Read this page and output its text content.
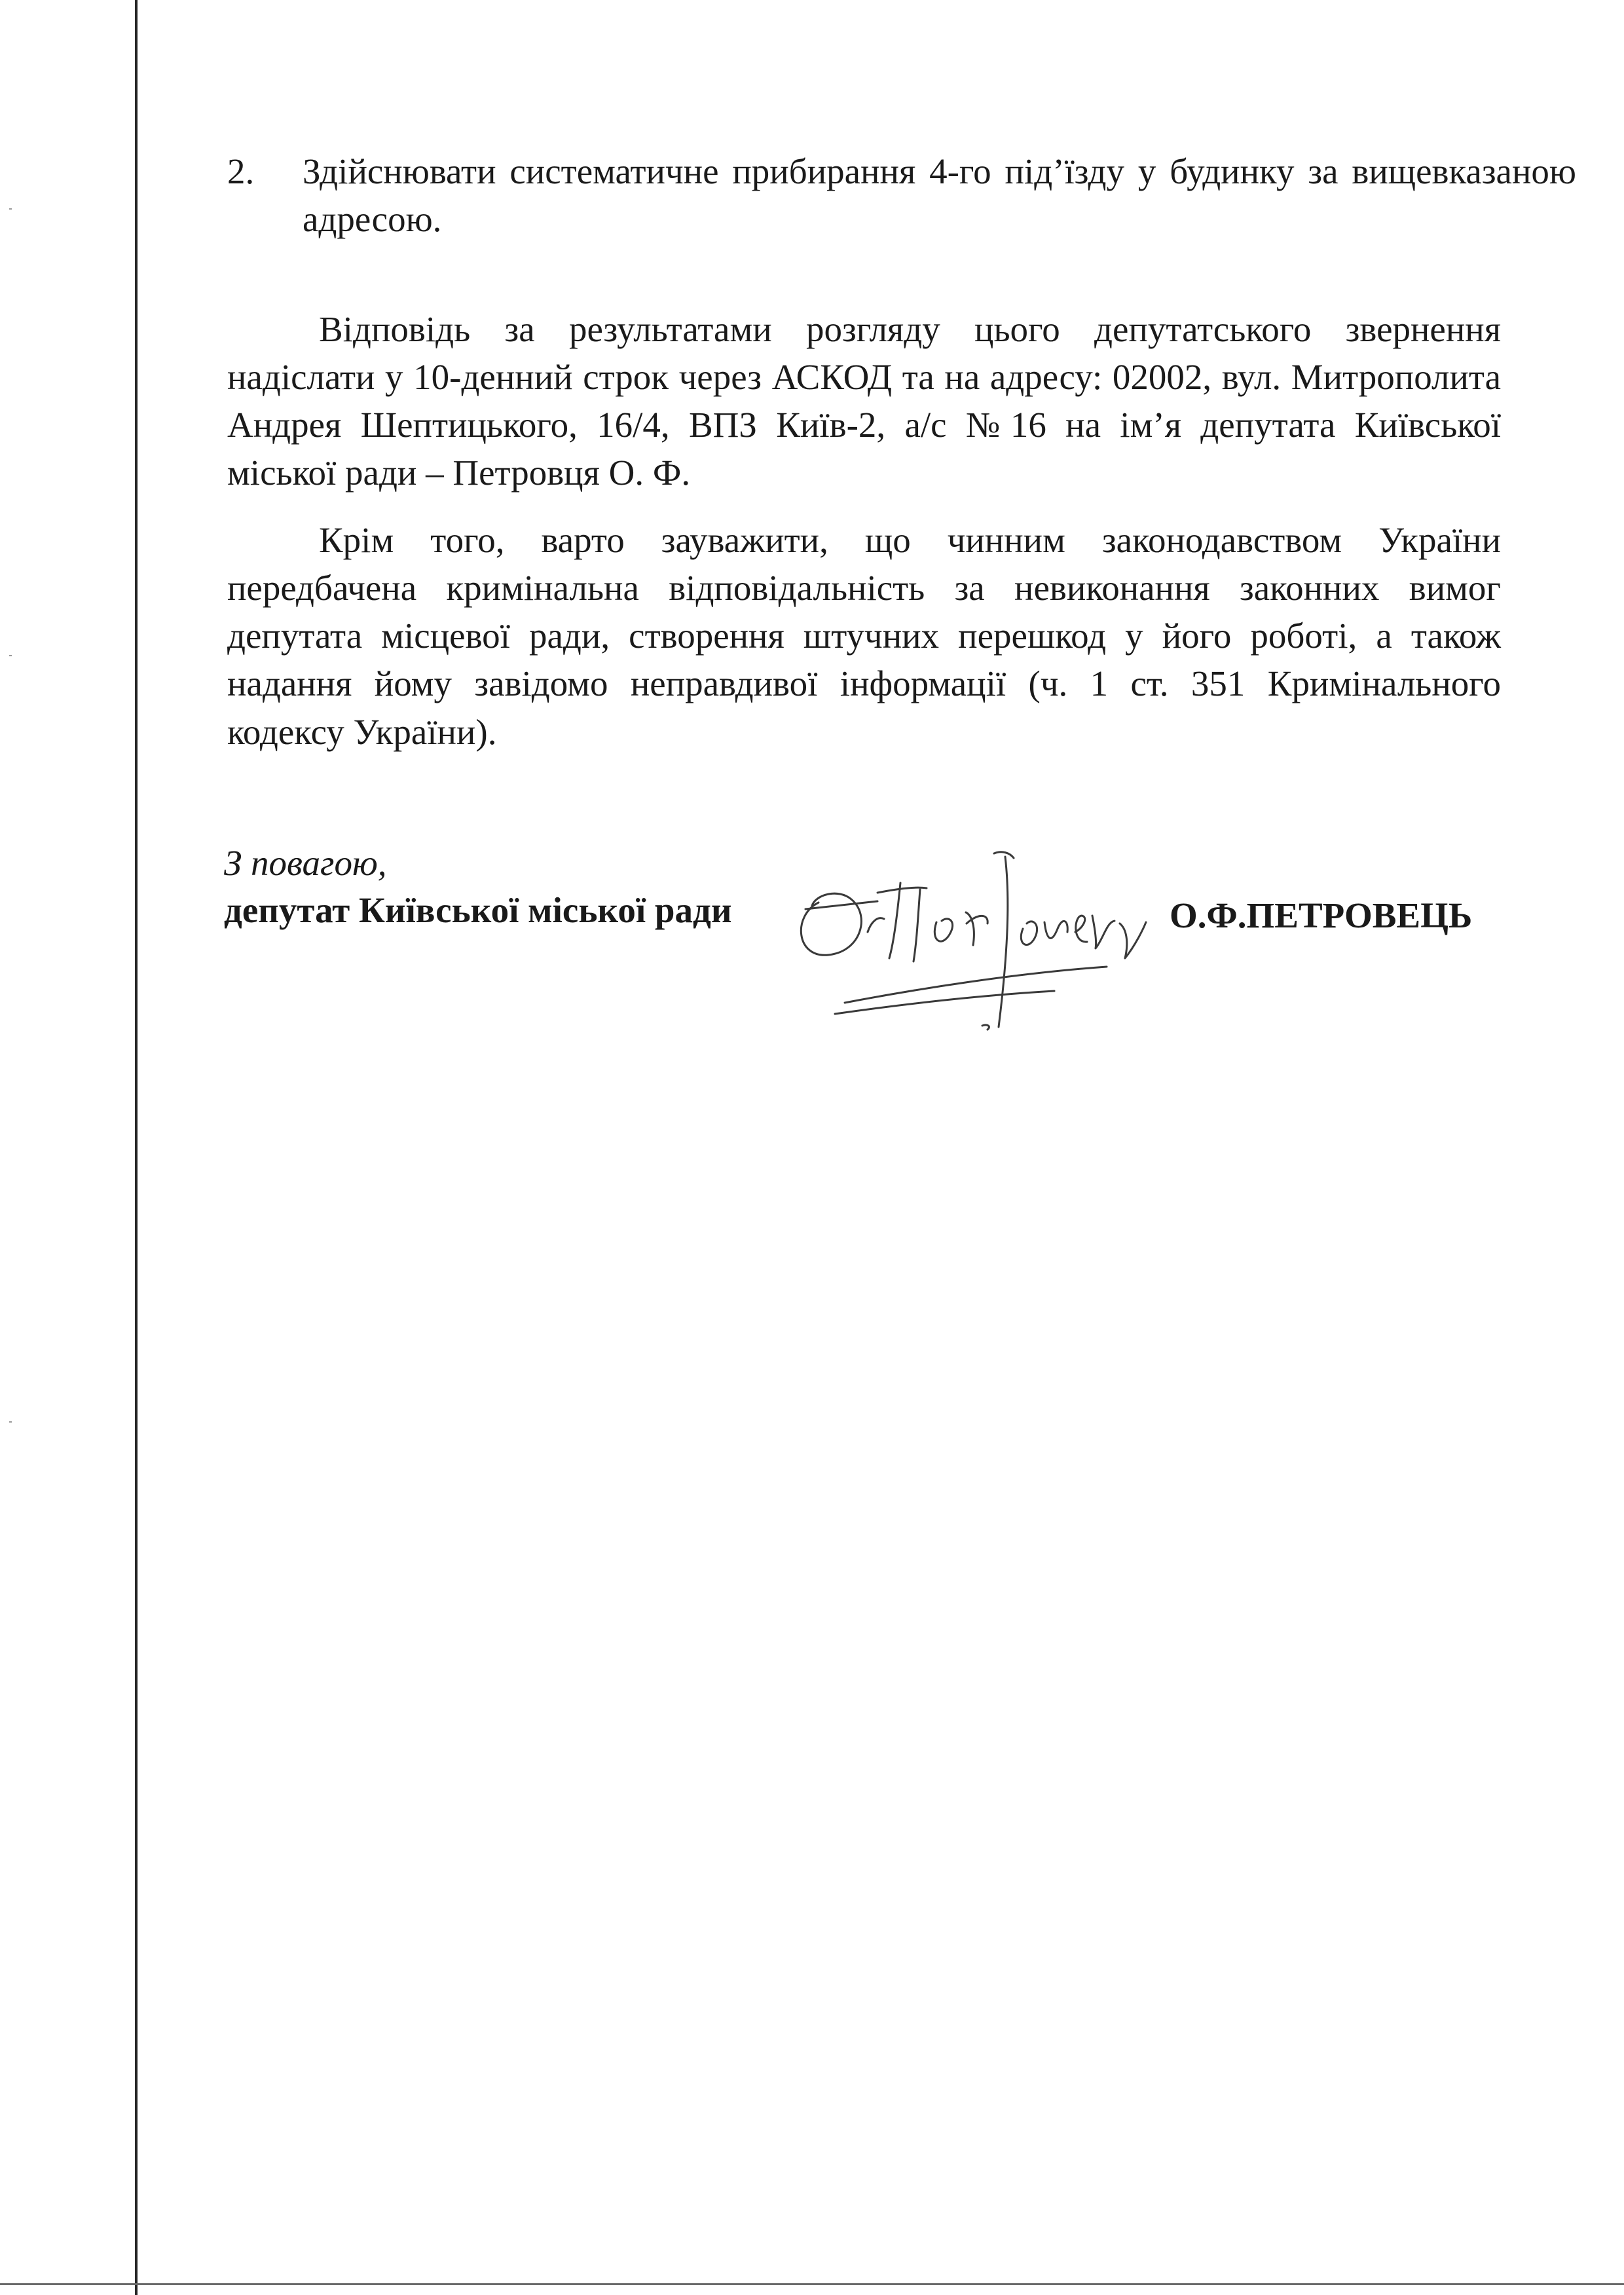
2. Здійснювати систематичне прибирання 4-го під’їзду у будинку за вищевказаною адресою.
Відповідь за результатами розгляду цього депутатського звернення надіслати у 10-денний строк через АСКОД та на адресу: 02002, вул. Митрополита Андрея Шептицького, 16/4, ВПЗ Київ-2, а/с №16 на ім’я депутата Київської міської ради – Петровця О. Ф.
Крім того, варто зауважити, що чинним законодавством України передбачена кримінальна відповідальність за невиконання законних вимог депутата місцевої ради, створення штучних перешкод у його роботі, а також надання йому завідомо неправдивої інформації (ч. 1 ст. 351 Кримінального кодексу України).
З повагою,
депутат Київської міської ради	О.Ф.ПЕТРОВЕЦЬ
